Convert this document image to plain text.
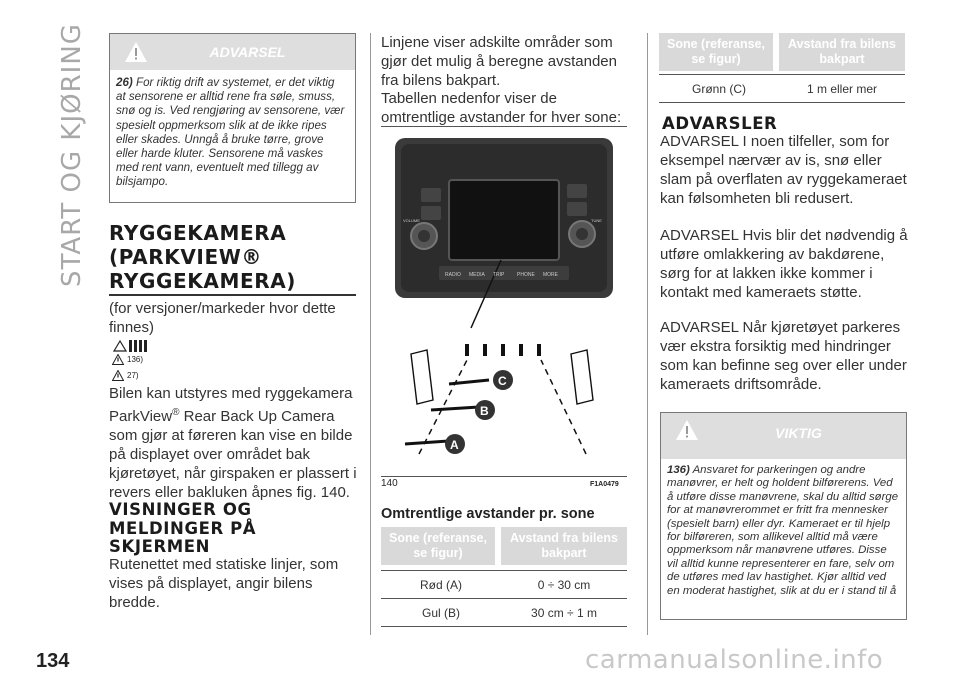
START OG KJØRING	ADVARSEL
26) For riktig drift av systemet, er det viktig at sensorene er alltid rene fra søle, smuss, snø og is. Ved rengjøring av sensorene, vær spesielt oppmerksom slik at de ikke ripes eller skades. Unngå å bruke tørre, grove eller harde kluter. Sensorene må vaskes med rent vann, eventuelt med tillegg av bilsjampo.
RYGGEKAMERA
(PARKVIEW®
RYGGEKAMERA)
(for versjoner/markeder hvor dette finnes)
136)
27)
Bilen kan utstyres med ryggekamera ParkView® Rear Back Up Camera som gjør at føreren kan vise en bilde på displayet over området bak kjøretøyet, når girspaken er plassert i revers eller bakluken åpnes fig. 140.
VISNINGER OG
MELDINGER PÅ
SKJERMEN
Rutenettet med statiske linjer, som vises på displayet, angir bilens bredde.
Linjene viser adskilte områder som gjør det mulig å beregne avstanden fra bilens bakpart.
Tabellen nedenfor viser de omtrentlige avstander for hver sone:
C
B
A
RADIO MEDIA TRIP	PHONE MORE
VOLUME	TUNE
140	F1A0479
Omtrentlige avstander pr. sone
Sone (referanse, se figur)
Avstand fra bilens bakpart
Rød (A)	0 ÷ 30 cm
Gul (B)	30 cm ÷ 1 m
Sone (referanse, se figur)
Avstand fra bilens bakpart
Grønn (C)	1 m eller mer
ADVARSLER
ADVARSEL I noen tilfeller, som for eksempel nærvær av is, snø eller slam på overflaten av ryggekameraet kan følsomheten bli redusert.
ADVARSEL Hvis blir det nødvendig å utføre omlakkering av bakdørene, sørg for at lakken ikke kommer i kontakt med kameraets støtte.
ADVARSEL Når kjøretøyet parkeres vær ekstra forsiktig med hindringer som kan befinne seg over eller under kameraets driftsområde.
VIKTIG
136) Ansvaret for parkeringen og andre manøvrer, er helt og holdent bilførerens. Ved å utføre disse manøvrene, skal du alltid sørge for at manøvrerommet er fritt fra mennesker (spesielt barn) eller dyr. Kameraet er til hjelp for bilføreren, som allikevel alltid må være oppmerksom når manøvrene utføres. Disse vil alltid kunne representerer en fare, selv om de utføres med lav hastighet. Kjør alltid ved en moderat hastighet, slik at du er i stand til å
134	carmanualsonline.info
